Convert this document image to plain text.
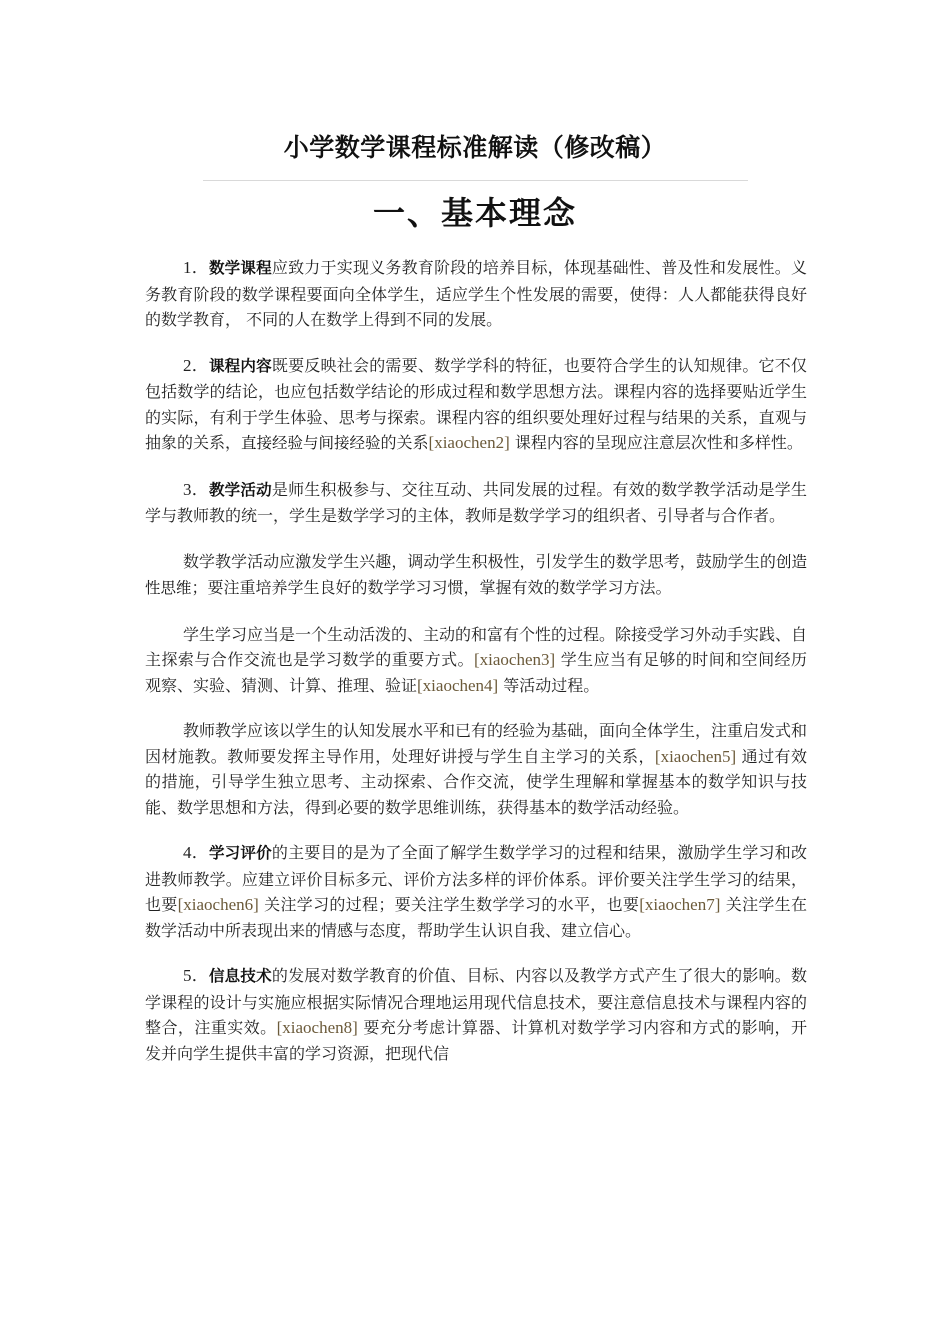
小学数学课程标准解读（修改稿）
一、基本理念

1．数学课程应致力于实现义务教育阶段的培养目标，体现基础性、普及性和发展性。义务教育阶段的数学课程要面向全体学生，适应学生个性发展的需要，使得：人人都能获得良好的数学教育， 不同的人在数学上得到不同的发展。

2．课程内容既要反映社会的需要、数学学科的特征，也要符合学生的认知规律。它不仅包括数学的结论，也应包括数学结论的形成过程和数学思想方法。课程内容的选择要贴近学生的实际，有利于学生体验、思考与探索。课程内容的组织要处理好过程与结果的关系，直观与抽象的关系，直接经验与间接经验的关系[xiaochen2] 课程内容的呈现应注意层次性和多样性。

3．教学活动是师生积极参与、交往互动、共同发展的过程。有效的数学教学活动是学生学与教师教的统一，学生是数学学习的主体，教师是数学学习的组织者、引导者与合作者。

数学教学活动应激发学生兴趣，调动学生积极性，引发学生的数学思考，鼓励学生的创造性思维；要注重培养学生良好的数学学习习惯，掌握有效的数学学习方法。

学生学习应当是一个生动活泼的、主动的和富有个性的过程。除接受学习外动手实践、自主探索与合作交流也是学习数学的重要方式。[xiaochen3] 学生应当有足够的时间和空间经历观察、实验、猜测、计算、推理、验证[xiaochen4] 等活动过程。

教师教学应该以学生的认知发展水平和已有的经验为基础，面向全体学生，注重启发式和因材施教。教师要发挥主导作用，处理好讲授与学生自主学习的关系，[xiaochen5] 通过有效的措施，引导学生独立思考、主动探索、合作交流，使学生理解和掌握基本的数学知识与技能、数学思想和方法，得到必要的数学思维训练，获得基本的数学活动经验。

4．学习评价的主要目的是为了全面了解学生数学学习的过程和结果，激励学生学习和改进教师教学。应建立评价目标多元、评价方法多样的评价体系。评价要关注学生学习的结果，也要[xiaochen6] 关注学习的过程；要关注学生数学学习的水平，也要[xiaochen7] 关注学生在数学活动中所表现出来的情感与态度，帮助学生认识自我、建立信心。

5．信息技术的发展对数学教育的价值、目标、内容以及教学方式产生了很大的影响。数学课程的设计与实施应根据实际情况合理地运用现代信息技术，要注意信息技术与课程内容的整合，注重实效。[xiaochen8] 要充分考虑计算器、计算机对数学学习内容和方式的影响，开发并向学生提供丰富的学习资源，把现代信
